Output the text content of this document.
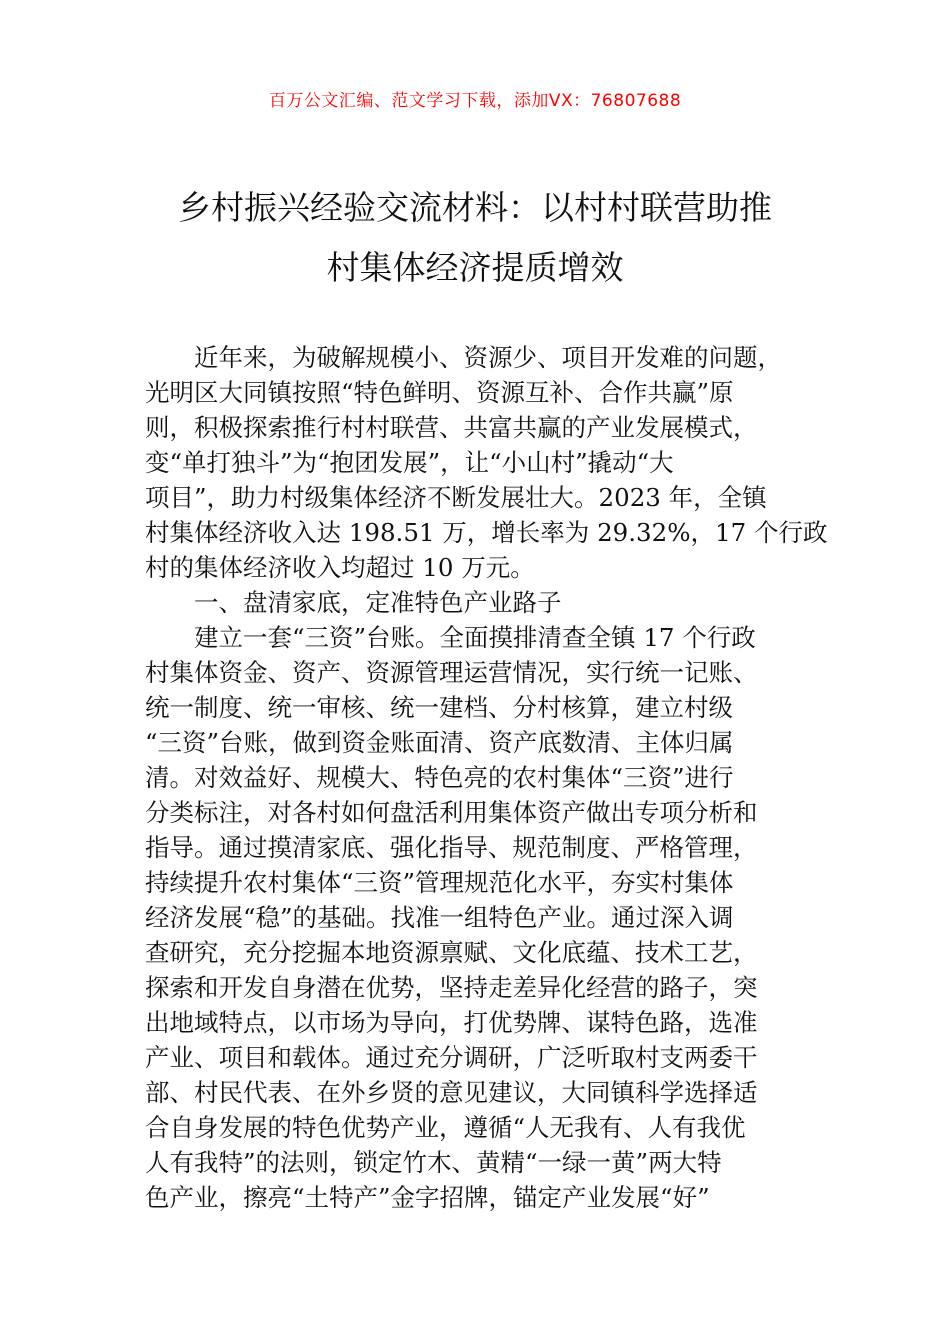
百万公文汇编、范文学习下载，添加VX：76807688
乡村振兴经验交流材料：以村村联营助推
村集体经济提质增效
近年来，为破解规模小、资源少、项目开发难的问题，
光明区大同镇按照“特色鲜明、资源互补、合作共赢”原
则，积极探索推行村村联营、共富共赢的产业发展模式，
变“单打独斗”为“抱团发展”，让“小山村”撬动“大
项目”，助力村级集体经济不断发展壮大。2023 年，全镇
村集体经济收入达 198.51 万，增长率为 29.32%，17 个行政
村的集体经济收入均超过 10 万元。
一、盘清家底，定准特色产业路子
建立一套“三资”台账。全面摸排清查全镇 17 个行政
村集体资金、资产、资源管理运营情况，实行统一记账、
统一制度、统一审核、统一建档、分村核算，建立村级
“三资”台账，做到资金账面清、资产底数清、主体归属
清。对效益好、规模大、特色亮的农村集体“三资”进行
分类标注，对各村如何盘活利用集体资产做出专项分析和
指导。通过摸清家底、强化指导、规范制度、严格管理，
持续提升农村集体“三资”管理规范化水平，夯实村集体
经济发展“稳”的基础。找准一组特色产业。通过深入调
查研究，充分挖掘本地资源禀赋、文化底蕴、技术工艺，
探索和开发自身潜在优势，坚持走差异化经营的路子，突
出地域特点，以市场为导向，打优势牌、谋特色路，选准
产业、项目和载体。通过充分调研，广泛听取村支两委干
部、村民代表、在外乡贤的意见建议，大同镇科学选择适
合自身发展的特色优势产业，遵循“人无我有、人有我优
人有我特”的法则，锁定竹木、黄精“一绿一黄”两大特
色产业，擦亮“土特产”金字招牌，锚定产业发展“好”
